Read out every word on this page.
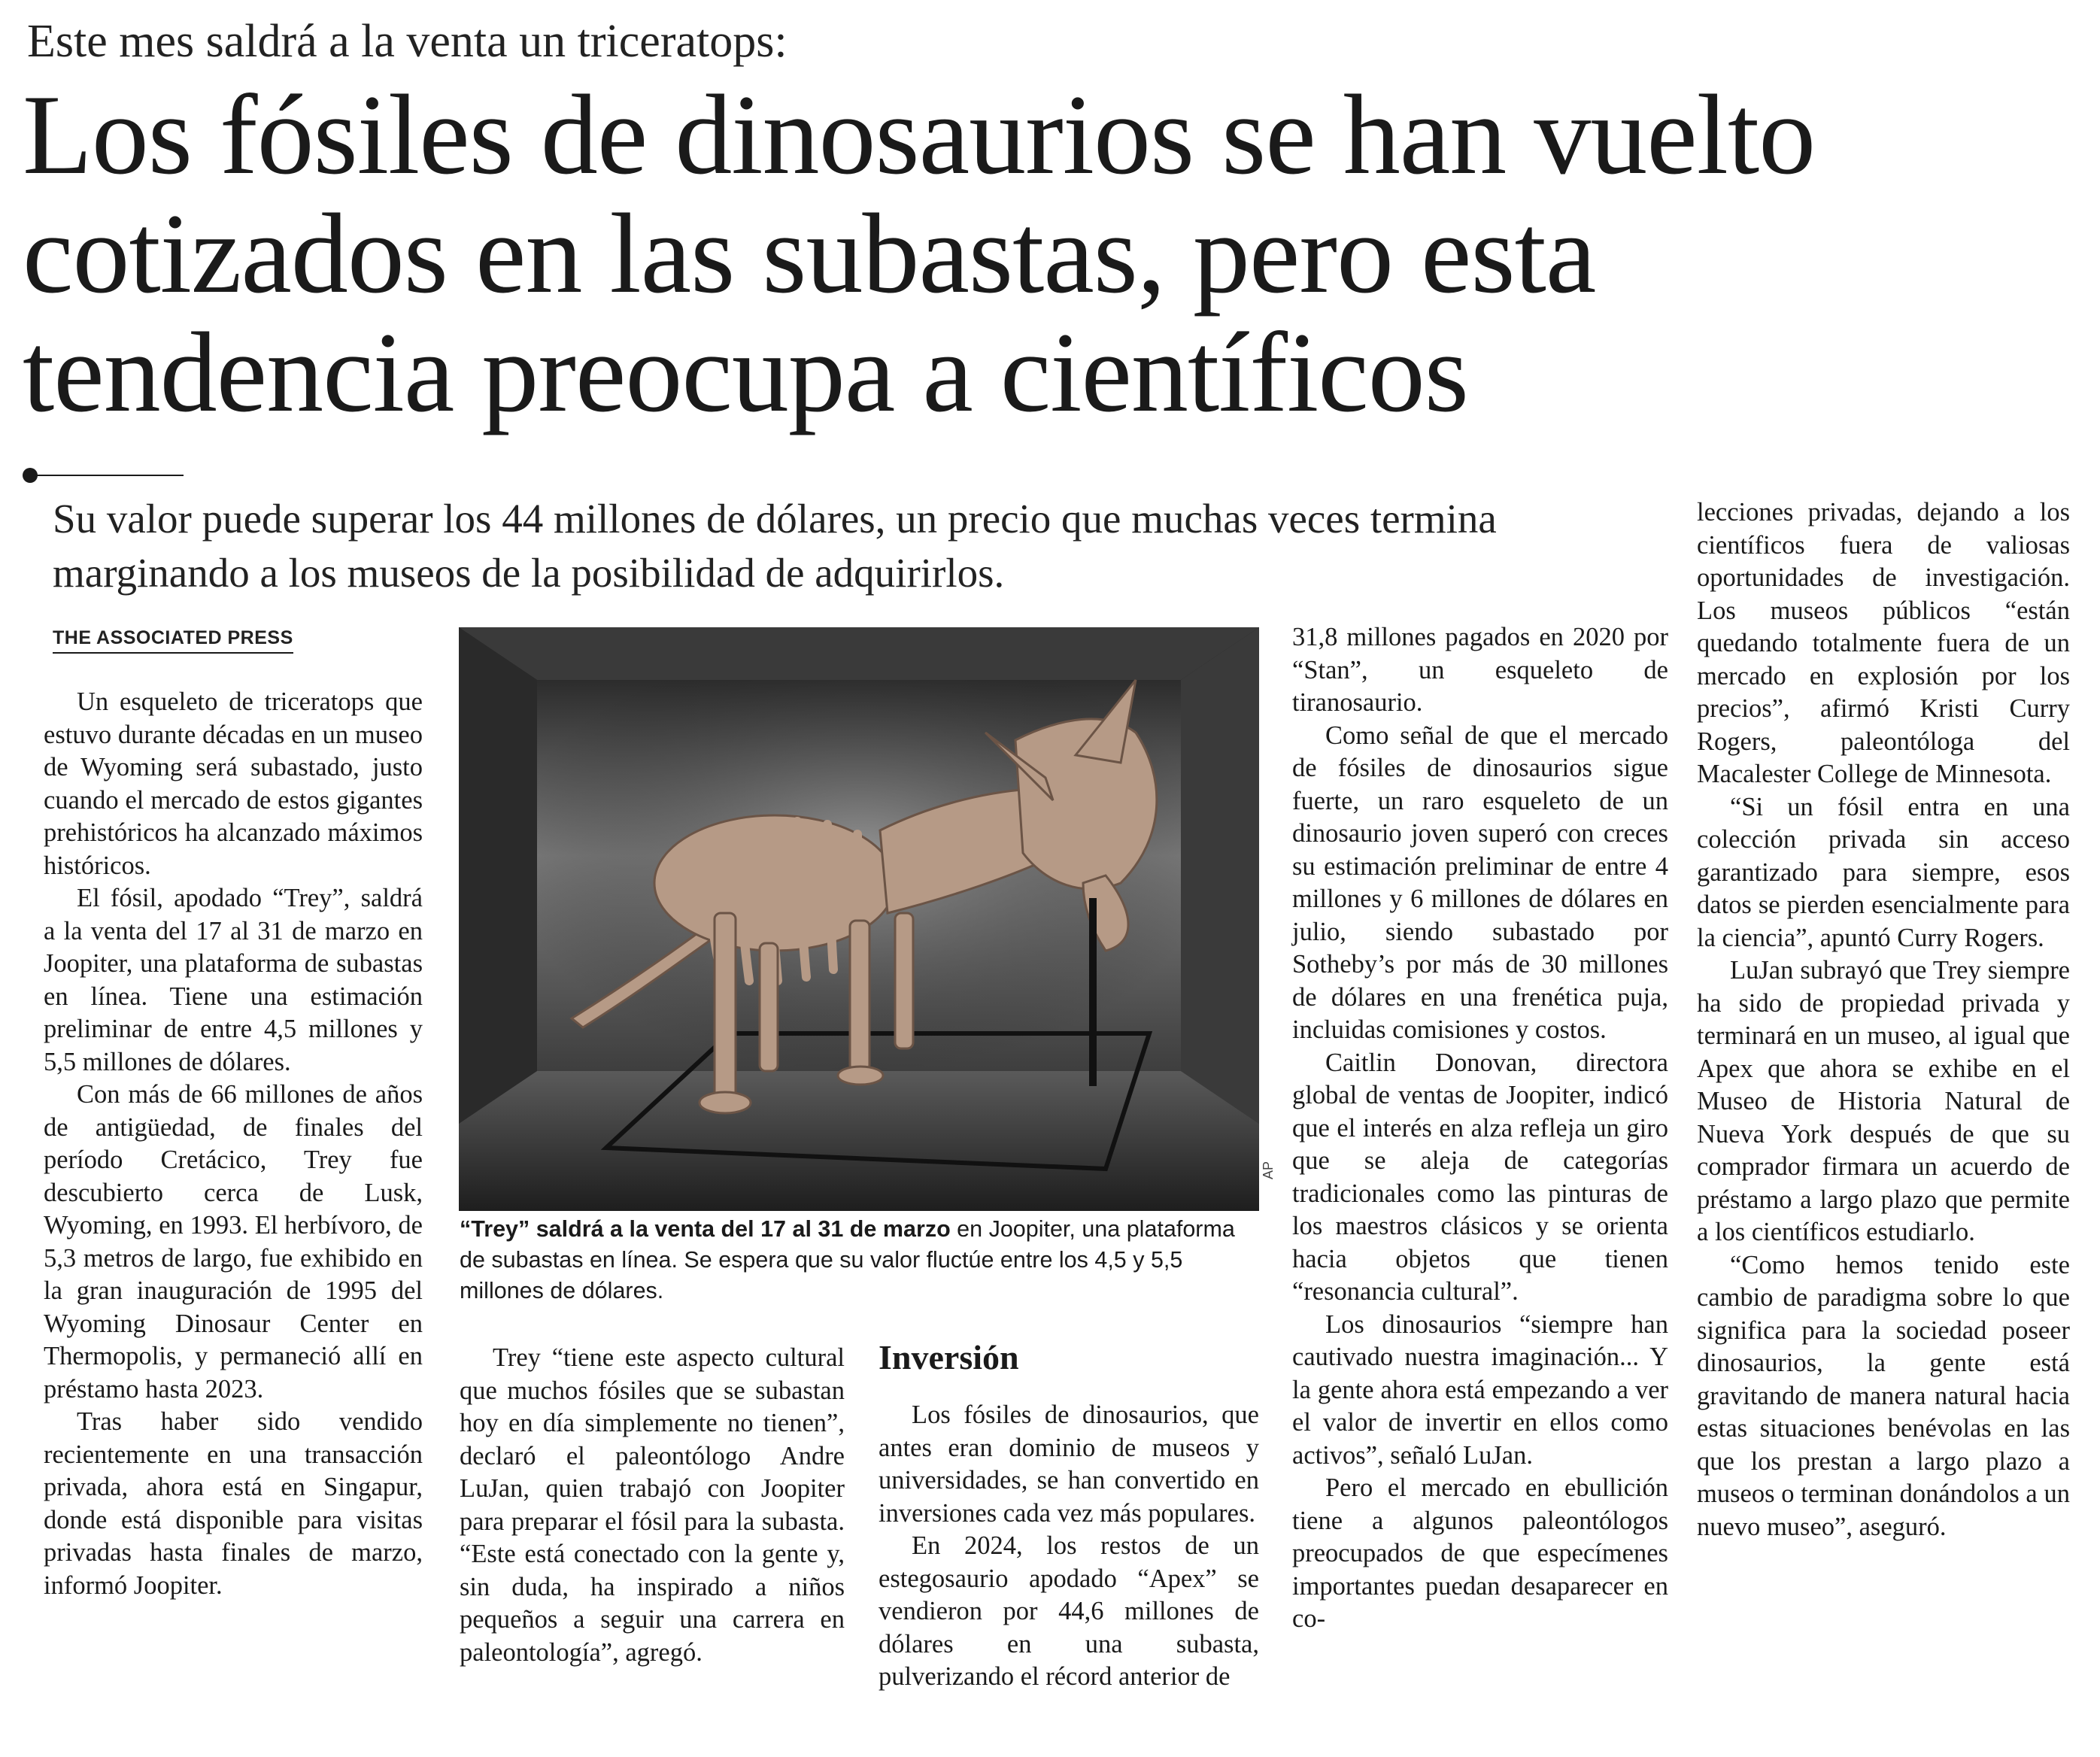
Este mes saldrá a la venta un triceratops:
Los fósiles de dinosaurios se han vuelto cotizados en las subastas, pero esta tendencia preocupa a científicos
Su valor puede superar los 44 millones de dólares, un precio que muchas veces termina marginando a los museos de la posibilidad de adquirirlos.
THE ASSOCIATED PRESS

Un esqueleto de triceratops que estuvo durante décadas en un museo de Wyoming será subastado, justo cuando el mercado de estos gigantes prehistóricos ha alcanzado máximos históricos.

El fósil, apodado “Trey”, saldrá a la venta del 17 al 31 de marzo en Joopiter, una plataforma de subastas en línea. Tiene una estimación preliminar de entre 4,5 millones y 5,5 millones de dólares.

Con más de 66 millones de años de antigüedad, de finales del período Cretácico, Trey fue descubierto cerca de Lusk, Wyoming, en 1993. El herbívoro, de 5,3 metros de largo, fue exhibido en la gran inauguración de 1995 del Wyoming Dinosaur Center en Thermopolis, y permaneció allí en préstamo hasta 2023.

Tras haber sido vendido recientemente en una transacción privada, ahora está en Singapur, donde está disponible para visitas privadas hasta finales de marzo, informó Joopiter.

AP
“Trey” saldrá a la venta del 17 al 31 de marzo en Joopiter, una plataforma de subastas en línea. Se espera que su valor fluctúe entre los 4,5 y 5,5 millones de dólares.

Trey “tiene este aspecto cultural que muchos fósiles que se subastan hoy en día simplemente no tienen”, declaró el paleontólogo Andre LuJan, quien trabajó con Joopiter para preparar el fósil para la subasta. “Este está conectado con la gente y, sin duda, ha inspirado a niños pequeños a seguir una carrera en paleontología”, agregó.

Inversión

Los fósiles de dinosaurios, que antes eran dominio de museos y universidades, se han convertido en inversiones cada vez más populares.

En 2024, los restos de un estegosaurio apodado “Apex” se vendieron por 44,6 millones de dólares en una subasta, pulverizando el récord anterior de

31,8 millones pagados en 2020 por “Stan”, un esqueleto de tiranosaurio.

Como señal de que el mercado de fósiles de dinosaurios sigue fuerte, un raro esqueleto de un dinosaurio joven superó con creces su estimación preliminar de entre 4 millones y 6 millones de dólares en julio, siendo subastado por Sotheby’s por más de 30 millones de dólares en una frenética puja, incluidas comisiones y costos.

Caitlin Donovan, directora global de ventas de Joopiter, indicó que el interés en alza refleja un giro que se aleja de categorías tradicionales como las pinturas de los maestros clásicos y se orienta hacia objetos que tienen “resonancia cultural”.

Los dinosaurios “siempre han cautivado nuestra imaginación... Y la gente ahora está empezando a ver el valor de invertir en ellos como activos”, señaló LuJan.

Pero el mercado en ebullición tiene a algunos paleontólogos preocupados de que especímenes importantes puedan desaparecer en co-

lecciones privadas, dejando a los científicos fuera de valiosas oportunidades de investigación. Los museos públicos “están quedando totalmente fuera de un mercado en explosión por los precios”, afirmó Kristi Curry Rogers, paleontóloga del Macalester College de Minnesota.

“Si un fósil entra en una colección privada sin acceso garantizado para siempre, esos datos se pierden esencialmente para la ciencia”, apuntó Curry Rogers.

LuJan subrayó que Trey siempre ha sido de propiedad privada y terminará en un museo, al igual que Apex que ahora se exhibe en el Museo de Historia Natural de Nueva York después de que su comprador firmara un acuerdo de préstamo a largo plazo que permite a los científicos estudiarlo.

“Como hemos tenido este cambio de paradigma sobre lo que significa para la sociedad poseer dinosaurios, la gente está gravitando de manera natural hacia estas situaciones benévolas en las que los prestan a largo plazo a museos o terminan donándolos a un nuevo museo”, aseguró.
